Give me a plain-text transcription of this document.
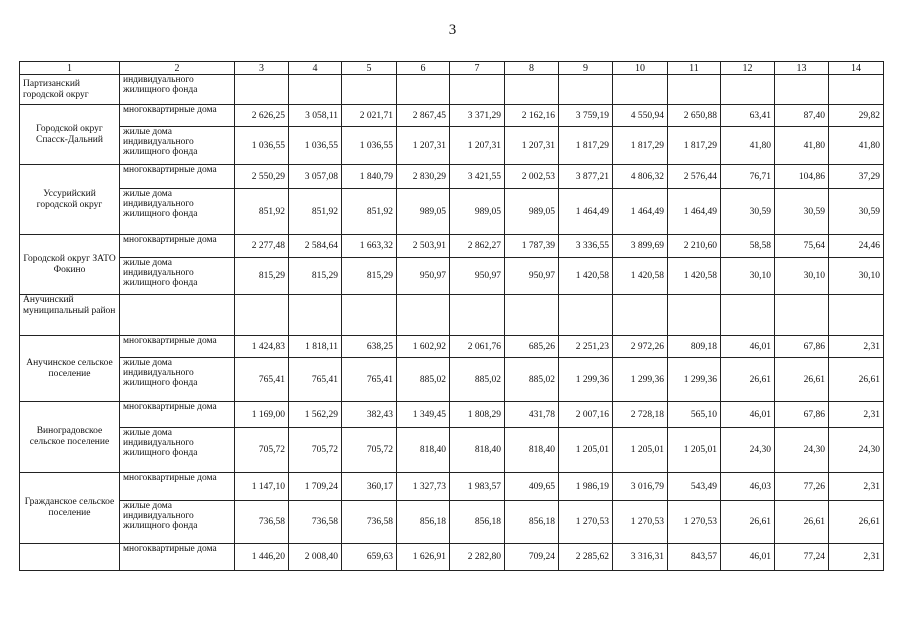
3
1	2	3	4	5	6	7	8	9	10	11	12	13	14
Партизанский городской округ	индивидуального жилищного фонда												
Городской округ Спасск-Дальний	многоквартирные дома	2 626,25	3 058,11	2 021,71	2 867,45	3 371,29	2 162,16	3 759,19	4 550,94	2 650,88	63,41	87,40	29,82
	жилые дома индивидуального жилищного фонда	1 036,55	1 036,55	1 036,55	1 207,31	1 207,31	1 207,31	1 817,29	1 817,29	1 817,29	41,80	41,80	41,80
Уссурийский городской округ	многоквартирные дома	2 550,29	3 057,08	1 840,79	2 830,29	3 421,55	2 002,53	3 877,21	4 806,32	2 576,44	76,71	104,86	37,29
	жилые дома индивидуального жилищного фонда	851,92	851,92	851,92	989,05	989,05	989,05	1 464,49	1 464,49	1 464,49	30,59	30,59	30,59
Городской округ ЗАТО Фокино	многоквартирные дома	2 277,48	2 584,64	1 663,32	2 503,91	2 862,27	1 787,39	3 336,55	3 899,69	2 210,60	58,58	75,64	24,46
	жилые дома индивидуального жилищного фонда	815,29	815,29	815,29	950,97	950,97	950,97	1 420,58	1 420,58	1 420,58	30,10	30,10	30,10
Анучинский муниципальный район													
Анучинское сельское поселение	многоквартирные дома	1 424,83	1 818,11	638,25	1 602,92	2 061,76	685,26	2 251,23	2 972,26	809,18	46,01	67,86	2,31
	жилые дома индивидуального жилищного фонда	765,41	765,41	765,41	885,02	885,02	885,02	1 299,36	1 299,36	1 299,36	26,61	26,61	26,61
Виноградовское сельское поселение	многоквартирные дома	1 169,00	1 562,29	382,43	1 349,45	1 808,29	431,78	2 007,16	2 728,18	565,10	46,01	67,86	2,31
	жилые дома индивидуального жилищного фонда	705,72	705,72	705,72	818,40	818,40	818,40	1 205,01	1 205,01	1 205,01	24,30	24,30	24,30
Гражданское сельское поселение	многоквартирные дома	1 147,10	1 709,24	360,17	1 327,73	1 983,57	409,65	1 986,19	3 016,79	543,49	46,03	77,26	2,31
	жилые дома индивидуального жилищного фонда	736,58	736,58	736,58	856,18	856,18	856,18	1 270,53	1 270,53	1 270,53	26,61	26,61	26,61
	многоквартирные дома	1 446,20	2 008,40	659,63	1 626,91	2 282,80	709,24	2 285,62	3 316,31	843,57	46,01	77,24	2,31
